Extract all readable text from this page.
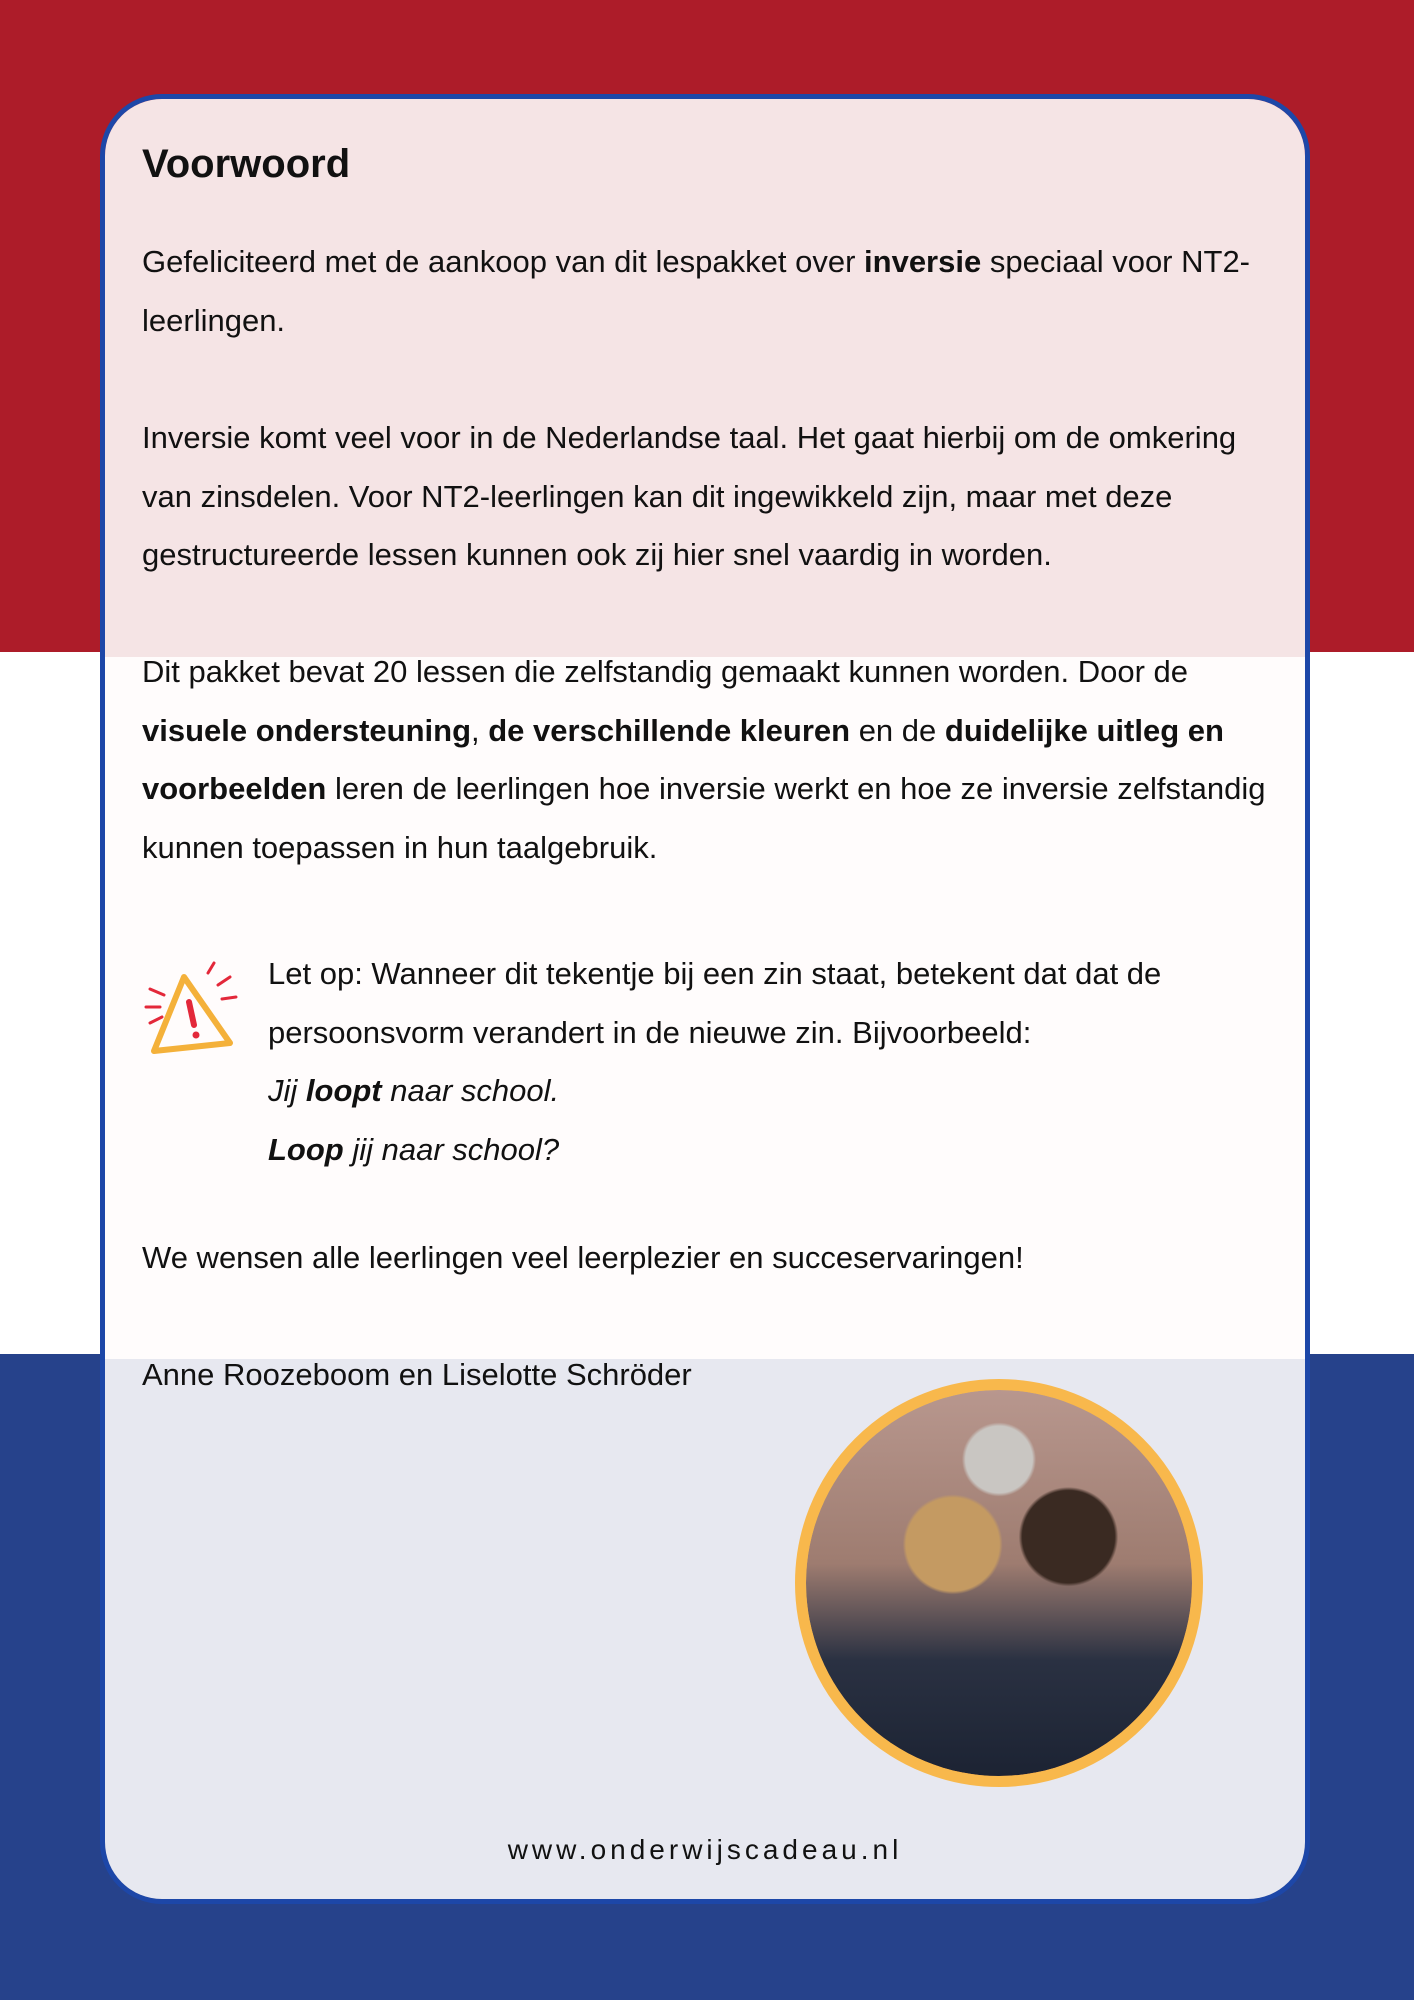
Voorwoord

Gefeliciteerd met de aankoop van dit lespakket over inversie speciaal voor NT2-leerlingen.

Inversie komt veel voor in de Nederlandse taal. Het gaat hierbij om de omkering van zinsdelen. Voor NT2-leerlingen kan dit ingewikkeld zijn, maar met deze gestructureerde lessen kunnen ook zij hier snel vaardig in worden.

Dit pakket bevat 20 lessen die zelfstandig gemaakt kunnen worden. Door de visuele ondersteuning, de verschillende kleuren en de duidelijke uitleg en voorbeelden leren de leerlingen hoe inversie werkt en hoe ze inversie zelfstandig kunnen toepassen in hun taalgebruik.

Let op: Wanneer dit tekentje bij een zin staat, betekent dat dat de persoonsvorm verandert in de nieuwe zin. Bijvoorbeeld:

Jij loopt naar school.

Loop jij naar school?

We wensen alle leerlingen veel leerplezier en succeservaringen!

Anne Roozeboom en Liselotte Schröder

www.onderwijscadeau.nl
